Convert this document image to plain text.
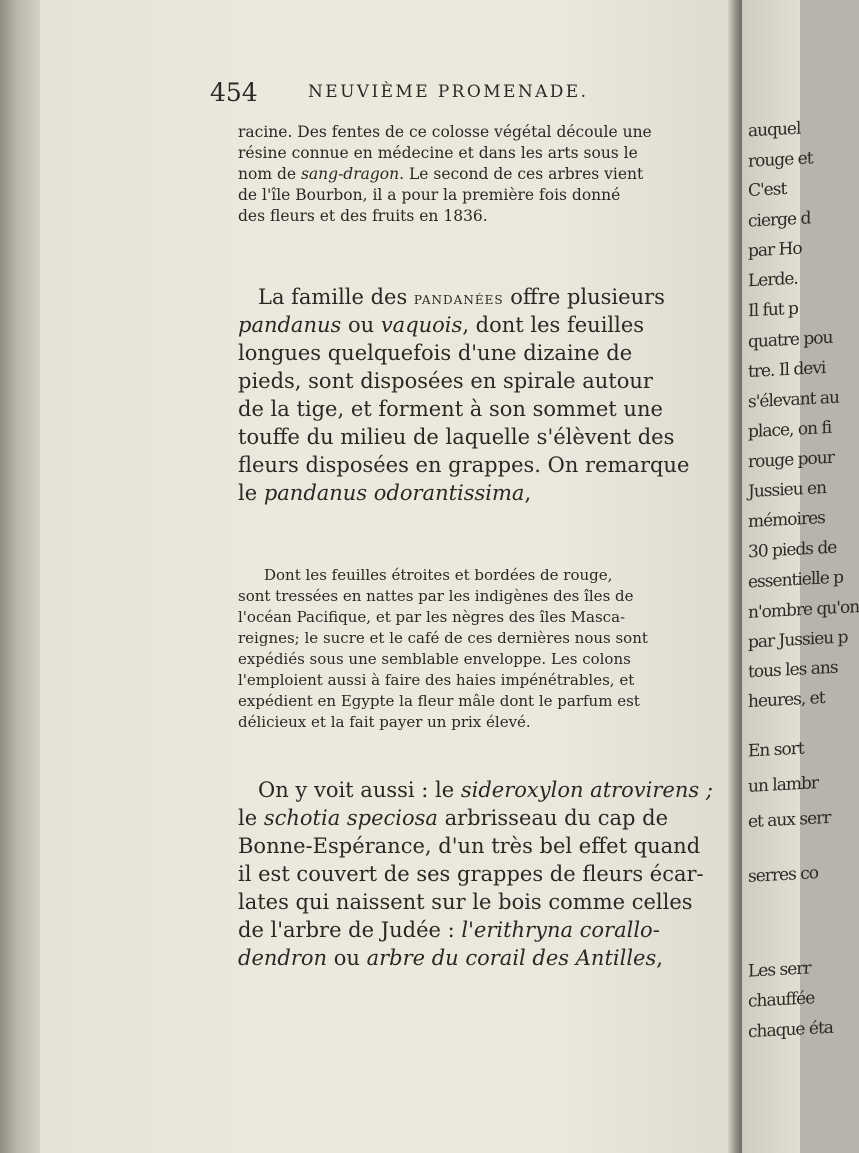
454	NEUVIÈME PROMENADE.
racine. Des fentes de ce colosse végétal découle une
résine connue en médecine et dans les arts sous le
nom de sang-dragon. Le second de ces arbres vient
de l'île Bourbon, il a pour la première fois donné
des fleurs et des fruits en 1836.
La famille des pandanées offre plusieurs
pandanus ou vaquois, dont les feuilles
longues quelquefois d'une dizaine de
pieds, sont disposées en spirale autour
de la tige, et forment à son sommet une
touffe du milieu de laquelle s'élèvent des
fleurs disposées en grappes. On remarque
le pandanus odorantissima,
Dont les feuilles étroites et bordées de rouge,
sont tressées en nattes par les indigènes des îles de
l'océan Pacifique, et par les nègres des îles Masca-
reignes; le sucre et le café de ces dernières nous sont
expédiés sous une semblable enveloppe. Les colons
l'emploient aussi à faire des haies impénétrables, et
expédient en Egypte la fleur mâle dont le parfum est
délicieux et la fait payer un prix élevé.
On y voit aussi : le sideroxylon atrovirens ;
le schotia speciosa arbrisseau du cap de
Bonne-Espérance, d'un très bel effet quand
il est couvert de ses grappes de fleurs écar-
lates qui naissent sur le bois comme celles
de l'arbre de Judée : l'erithryna corallo-
dendron ou arbre du corail des Antilles,
auquel
rouge et
C'est
cierge d
par Ho
Lerde.
Il fut p
quatre pou
tre. Il devi
s'élevant au
place, on fi
rouge pour
Jussieu en
mémoires
30 pieds de
essentielle p
n'ombre qu'on
par Jussieu p
tous les ans
heures, et
En sort
un lambr
et aux serr
serres co
Les serr
chauffée
chaque éta
